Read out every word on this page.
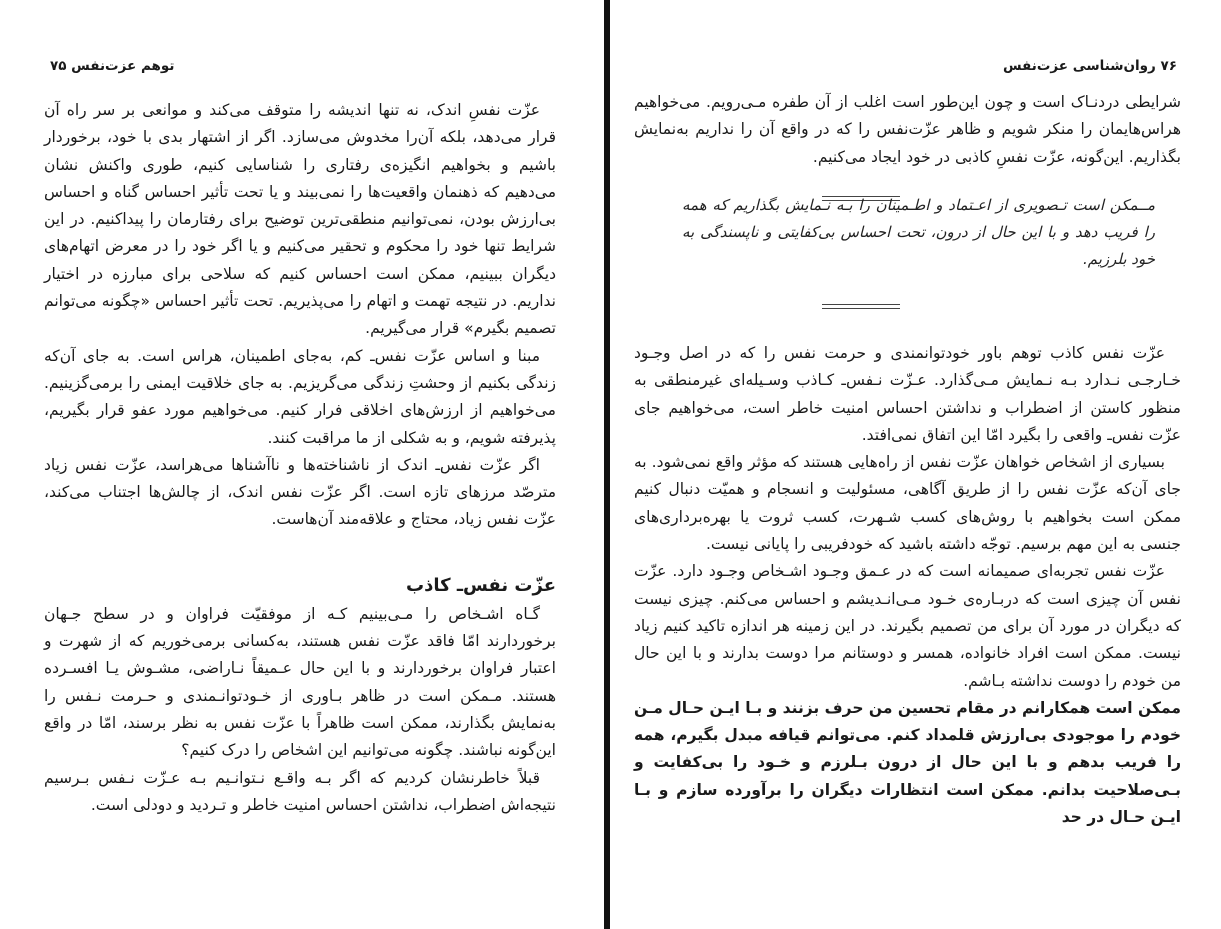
توهم عزت‌نفس ۷۵

عزّت نفسِ اندک، نه تنها اندیشه را متوقف می‌کند و موانعی بر سر راه آن قرار می‌دهد، بلکه آن‌را مخدوش می‌سازد. اگر از اشتهار بدی با خود، برخوردار باشیم و بخواهیم انگیزه‌ی رفتاری را شناسایی کنیم، طوری واکنش نشان می‌دهیم که ذهنمان واقعیت‌ها را نمی‌بیند و یا تحت تأثیر احساس گناه و احساس بی‌ارزش بودن، نمی‌توانیم منطقی‌ترین توضیح برای رفتارمان را پیداکنیم. در این شرایط تنها خود را محکوم و تحقیر می‌کنیم و یا اگر خود را در معرض اتهام‌های دیگران ببینیم، ممکن است احساس کنیم که سلاحی برای مبارزه در اختیار نداریم. در نتیجه تهمت و اتهام را می‌پذیریم. تحت تأثیر احساس «چگونه می‌توانم تصمیم بگیرم» قرار می‌گیریم.

مبنا و اساس عزّت نفس‌ـ کم، به‌جای اطمینان، هراس است. به جای آن‌که زندگی بکنیم از وحشتِ زندگی می‌گریزیم. به جای خلاقیت ایمنی را برمی‌گزینیم. می‌خواهیم از ارزش‌های اخلاقی فرار کنیم. می‌خواهیم مورد عفو قرار بگیریم، پذیرفته شویم، و به شکلی از ما مراقبت کنند.

اگر عزّت نفس‌ـ اندک از ناشناخته‌ها و ناآشناها می‌هراسد، عزّت نفس زیاد مترصّد مرزهای تازه است. اگر عزّت نفس اندک، از چالش‌ها اجتناب می‌کند، عزّت نفس زیاد، محتاج و علاقه‌مند آن‌هاست.

عزّت نفس‌ـ کاذب

گـاه اشـخاص را مـی‌بینیم کـه از موفقیّت فراوان و در سطح جـهان برخوردارند امّا فاقد عزّت نفس هستند، به‌کسانی برمی‌خوریم که از شهرت و اعتبار فراوان برخوردارند و با این حال عـمیقاً نـاراضی، مشـوش یـا افسـرده هستند. مـمکن است در ظاهر بـاوری از خـودتوانـمندی و حـرمت نـفس را به‌نمایش بگذارند، ممکن است ظاهراً با عزّت نفس به نظر برسند، امّا در واقع این‌گونه نباشند. چگونه می‌توانیم این اشخاص را درک کنیم؟

قبلاً خاطرنشان کردیم که اگر بـه واقـع نـتوانـیم بـه عـزّت نـفس بـرسیم نتیجه‌اش اضطراب، نداشتن احساس امنیت خاطر و تـردید و دودلی است.

۷۶ روان‌شناسی عزت‌نفس

شرایطی دردنـاک است و چون این‌طور است اغلب از آن طفره مـی‌رویم. می‌خواهیم هراس‌هایمان را منکر شویم و ظاهر عزّت‌نفس را که در واقع آن را نداریم به‌نمایش بگذاریم. این‌گونه، عزّت نفسِ کاذبی در خود ایجاد می‌کنیم.

مــمکن است تـصویری از اعـتماد و اطـمینان را بـه نـمایش بگذاریم که همه را فریب دهد و با این حال از درون، تحت احساس بی‌کفایتی و ناپسندگی به خود بلرزیم.

عزّت نفس کاذب توهم باور خودتوانمندی و حرمت نفس را که در اصل وجـود خـارجـی نـدارد بـه نـمایش مـی‌گذارد. عـزّت نـفس‌ـ کـاذب وسـیله‌ای غیرمنطقی به منظور کاستن از اضطراب و نداشتن احساس امنیت خاطر است، می‌خواهیم جای عزّت نفس‌ـ واقعی را بگیرد امّا این اتفاق نمی‌افتد.

بسیاری از اشخاص خواهان عزّت نفس از راه‌هایی هستند که مؤثر واقع نمی‌شود. به جای آن‌که عزّت نفس را از طریق آگاهی، مسئولیت و انسجام و همیّت دنبال کنیم ممکن است بخواهیم با روش‌های کسب شـهرت، کسب ثروت یا بهره‌برداری‌های جنسی به این مهم برسیم. توجّه داشته باشید که خودفریبی را پایانی نیست.

عزّت نفس تجربه‌ای صمیمانه است که در عـمق وجـود اشـخاص وجـود دارد. عزّت نفس آن چیزی است که دربـاره‌ی خـود مـی‌انـدیشم و احساس می‌کنم. چیزی نیست که دیگران در مورد آن برای من تصمیم بگیرند. در این زمینه هر اندازه تاکید کنیم زیاد نیست. ممکن است افراد خانواده، همسر و دوستانم مرا دوست بدارند و با این حال من خودم را دوست نداشته بـاشم.

ممکن است همکارانم در مقام تحسین من حرف بزنند و بـا ایـن حـال مـن خودم را موجودی بی‌ارزش قلمداد کنم. می‌توانم قیافه مبدل بگیرم، همه را فریب بدهم و با این حال از درون بـلرزم و خـود را بی‌کفایت و بـی‌صلاحیت بدانم. ممکن است انتظارات دیگران را برآورده سازم و بـا ایـن حـال در حد
